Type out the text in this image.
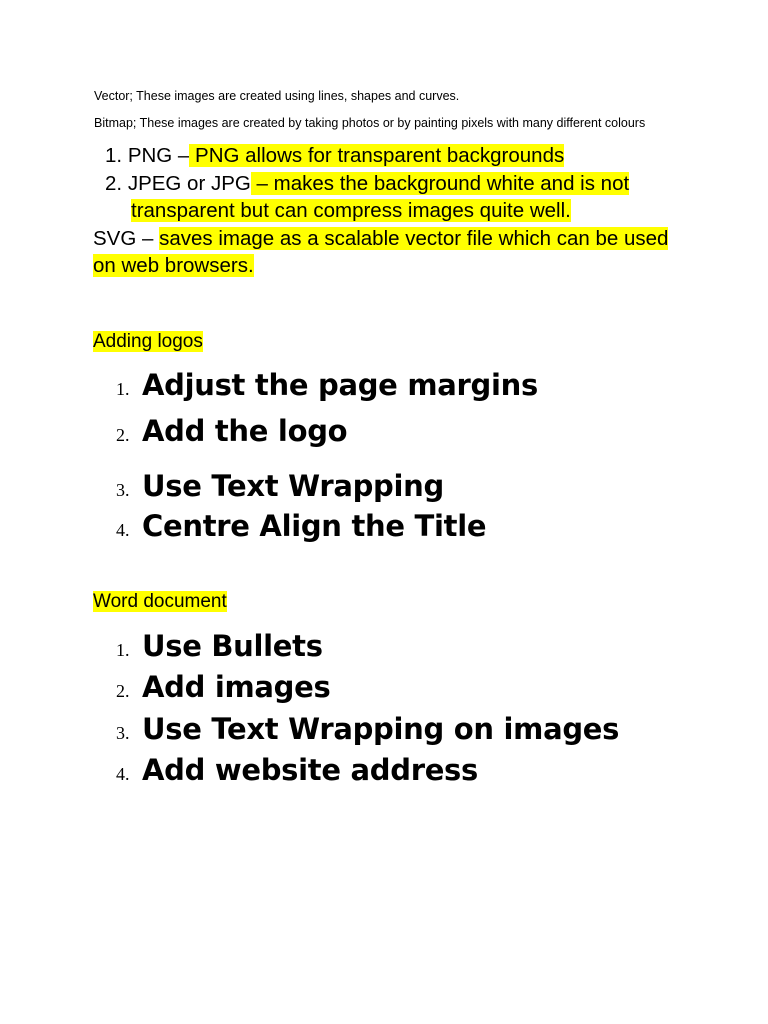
Vector; These images are created using lines, shapes and curves.
Bitmap; These images are created by taking photos or by painting pixels with many different colours
1. PNG – PNG allows for transparent backgrounds
2. JPEG or JPG – makes the background white and is not
transparent but can compress images quite well.
SVG – saves image as a scalable vector file which can be used
on web browsers.
Adding logos
1. Adjust the page margins
2. Add the logo
3. Use Text Wrapping
4. Centre Align the Title
Word document
1. Use Bullets
2. Add images
3. Use Text Wrapping on images
4. Add website address
